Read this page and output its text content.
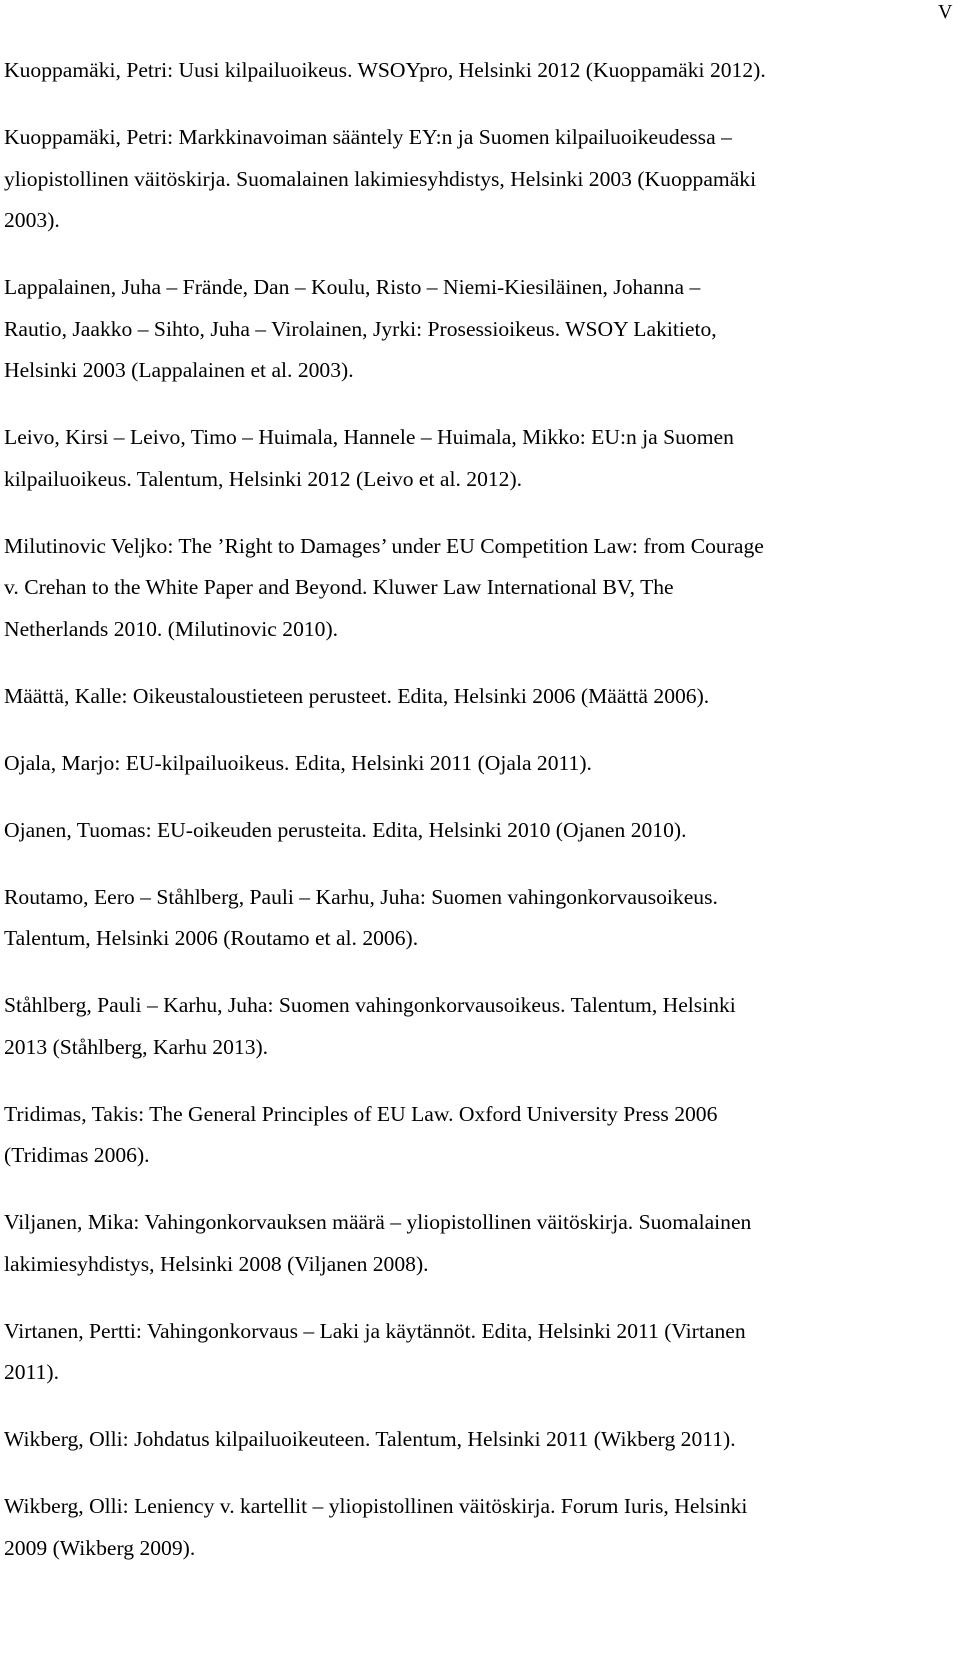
V
Kuoppamäki, Petri: Uusi kilpailuoikeus. WSOYpro, Helsinki 2012 (Kuoppamäki 2012).
Kuoppamäki, Petri: Markkinavoiman sääntely EY:n ja Suomen kilpailuoikeudessa –
yliopistollinen väitöskirja. Suomalainen lakimiesyhdistys, Helsinki 2003 (Kuoppamäki
2003).
Lappalainen, Juha – Frände, Dan – Koulu, Risto – Niemi-Kiesiläinen, Johanna –
Rautio, Jaakko – Sihto, Juha – Virolainen, Jyrki: Prosessioikeus. WSOY Lakitieto,
Helsinki 2003 (Lappalainen et al. 2003).
Leivo, Kirsi – Leivo, Timo – Huimala, Hannele – Huimala, Mikko: EU:n ja Suomen
kilpailuoikeus. Talentum, Helsinki 2012 (Leivo et al. 2012).
Milutinovic Veljko: The ’Right to Damages’ under EU Competition Law: from Courage
v. Crehan to the White Paper and Beyond. Kluwer Law International BV, The
Netherlands 2010. (Milutinovic 2010).
Määttä, Kalle: Oikeustaloustieteen perusteet. Edita, Helsinki 2006 (Määttä 2006).
Ojala, Marjo: EU-kilpailuoikeus. Edita, Helsinki 2011 (Ojala 2011).
Ojanen, Tuomas: EU-oikeuden perusteita. Edita, Helsinki 2010 (Ojanen 2010).
Routamo, Eero – Ståhlberg, Pauli – Karhu, Juha: Suomen vahingonkorvausoikeus.
Talentum, Helsinki 2006 (Routamo et al. 2006).
Ståhlberg, Pauli – Karhu, Juha: Suomen vahingonkorvausoikeus. Talentum, Helsinki
2013 (Ståhlberg, Karhu 2013).
Tridimas, Takis: The General Principles of EU Law. Oxford University Press 2006
(Tridimas 2006).
Viljanen, Mika: Vahingonkorvauksen määrä – yliopistollinen väitöskirja. Suomalainen
lakimiesyhdistys, Helsinki 2008 (Viljanen 2008).
Virtanen, Pertti: Vahingonkorvaus – Laki ja käytännöt. Edita, Helsinki 2011 (Virtanen
2011).
Wikberg, Olli: Johdatus kilpailuoikeuteen. Talentum, Helsinki 2011 (Wikberg 2011).
Wikberg, Olli: Leniency v. kartellit – yliopistollinen väitöskirja. Forum Iuris, Helsinki
2009 (Wikberg 2009).
